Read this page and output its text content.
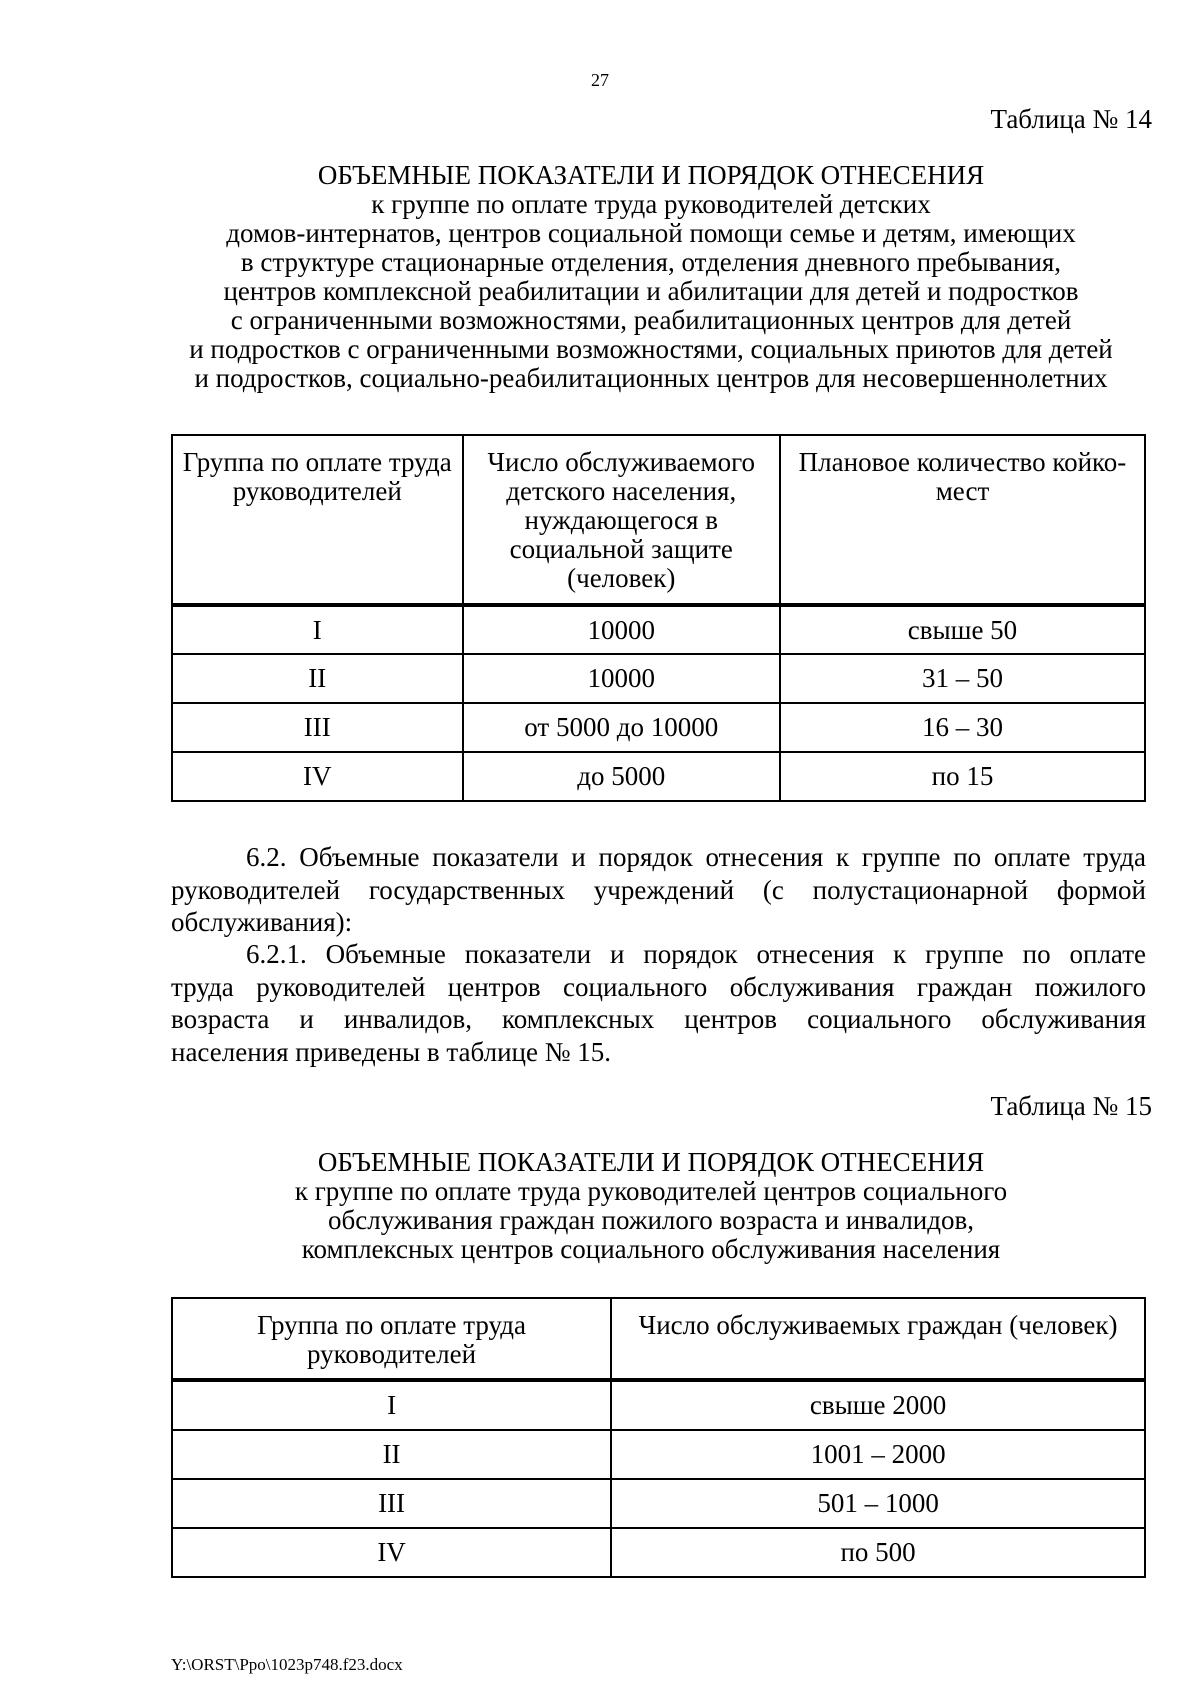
27
Таблица № 14
ОБЪЕМНЫЕ ПОКАЗАТЕЛИ И ПОРЯДОК ОТНЕСЕНИЯ
к группе по оплате труда руководителей детских
домов-интернатов, центров социальной помощи семье и детям, имеющих
в структуре стационарные отделения, отделения дневного пребывания,
центров комплексной реабилитации и абилитации для детей и подростков
с ограниченными возможностями, реабилитационных центров для детей
и подростков с ограниченными возможностями, социальных приютов для детей
и подростков, социально-реабилитационных центров для несовершеннолетних
Группа по оплате труда руководителей	Число обслуживаемого детского населения, нуждающегося в социальной защите (человек)	Плановое количество койко-мест
I	10000	свыше 50
II	10000	31 – 50
III	от 5000 до 10000	16 – 30
IV	до 5000	по 15
6.2. Объемные показатели и порядок отнесения к группе по оплате труда
руководителей государственных учреждений (с полустационарной формой
обслуживания):
6.2.1. Объемные показатели и порядок отнесения к группе по оплате
труда руководителей центров социального обслуживания граждан пожилого
возраста и инвалидов, комплексных центров социального обслуживания
населения приведены в таблице № 15.
Таблица № 15
ОБЪЕМНЫЕ ПОКАЗАТЕЛИ И ПОРЯДОК ОТНЕСЕНИЯ
к группе по оплате труда руководителей центров социального
обслуживания граждан пожилого возраста и инвалидов,
комплексных центров социального обслуживания населения
Группа по оплате труда руководителей	Число обслуживаемых граждан (человек)
I	свыше 2000
II	1001 – 2000
III	501 – 1000
IV	по 500
Y:\ORST\Ppo\1023p748.f23.docx
